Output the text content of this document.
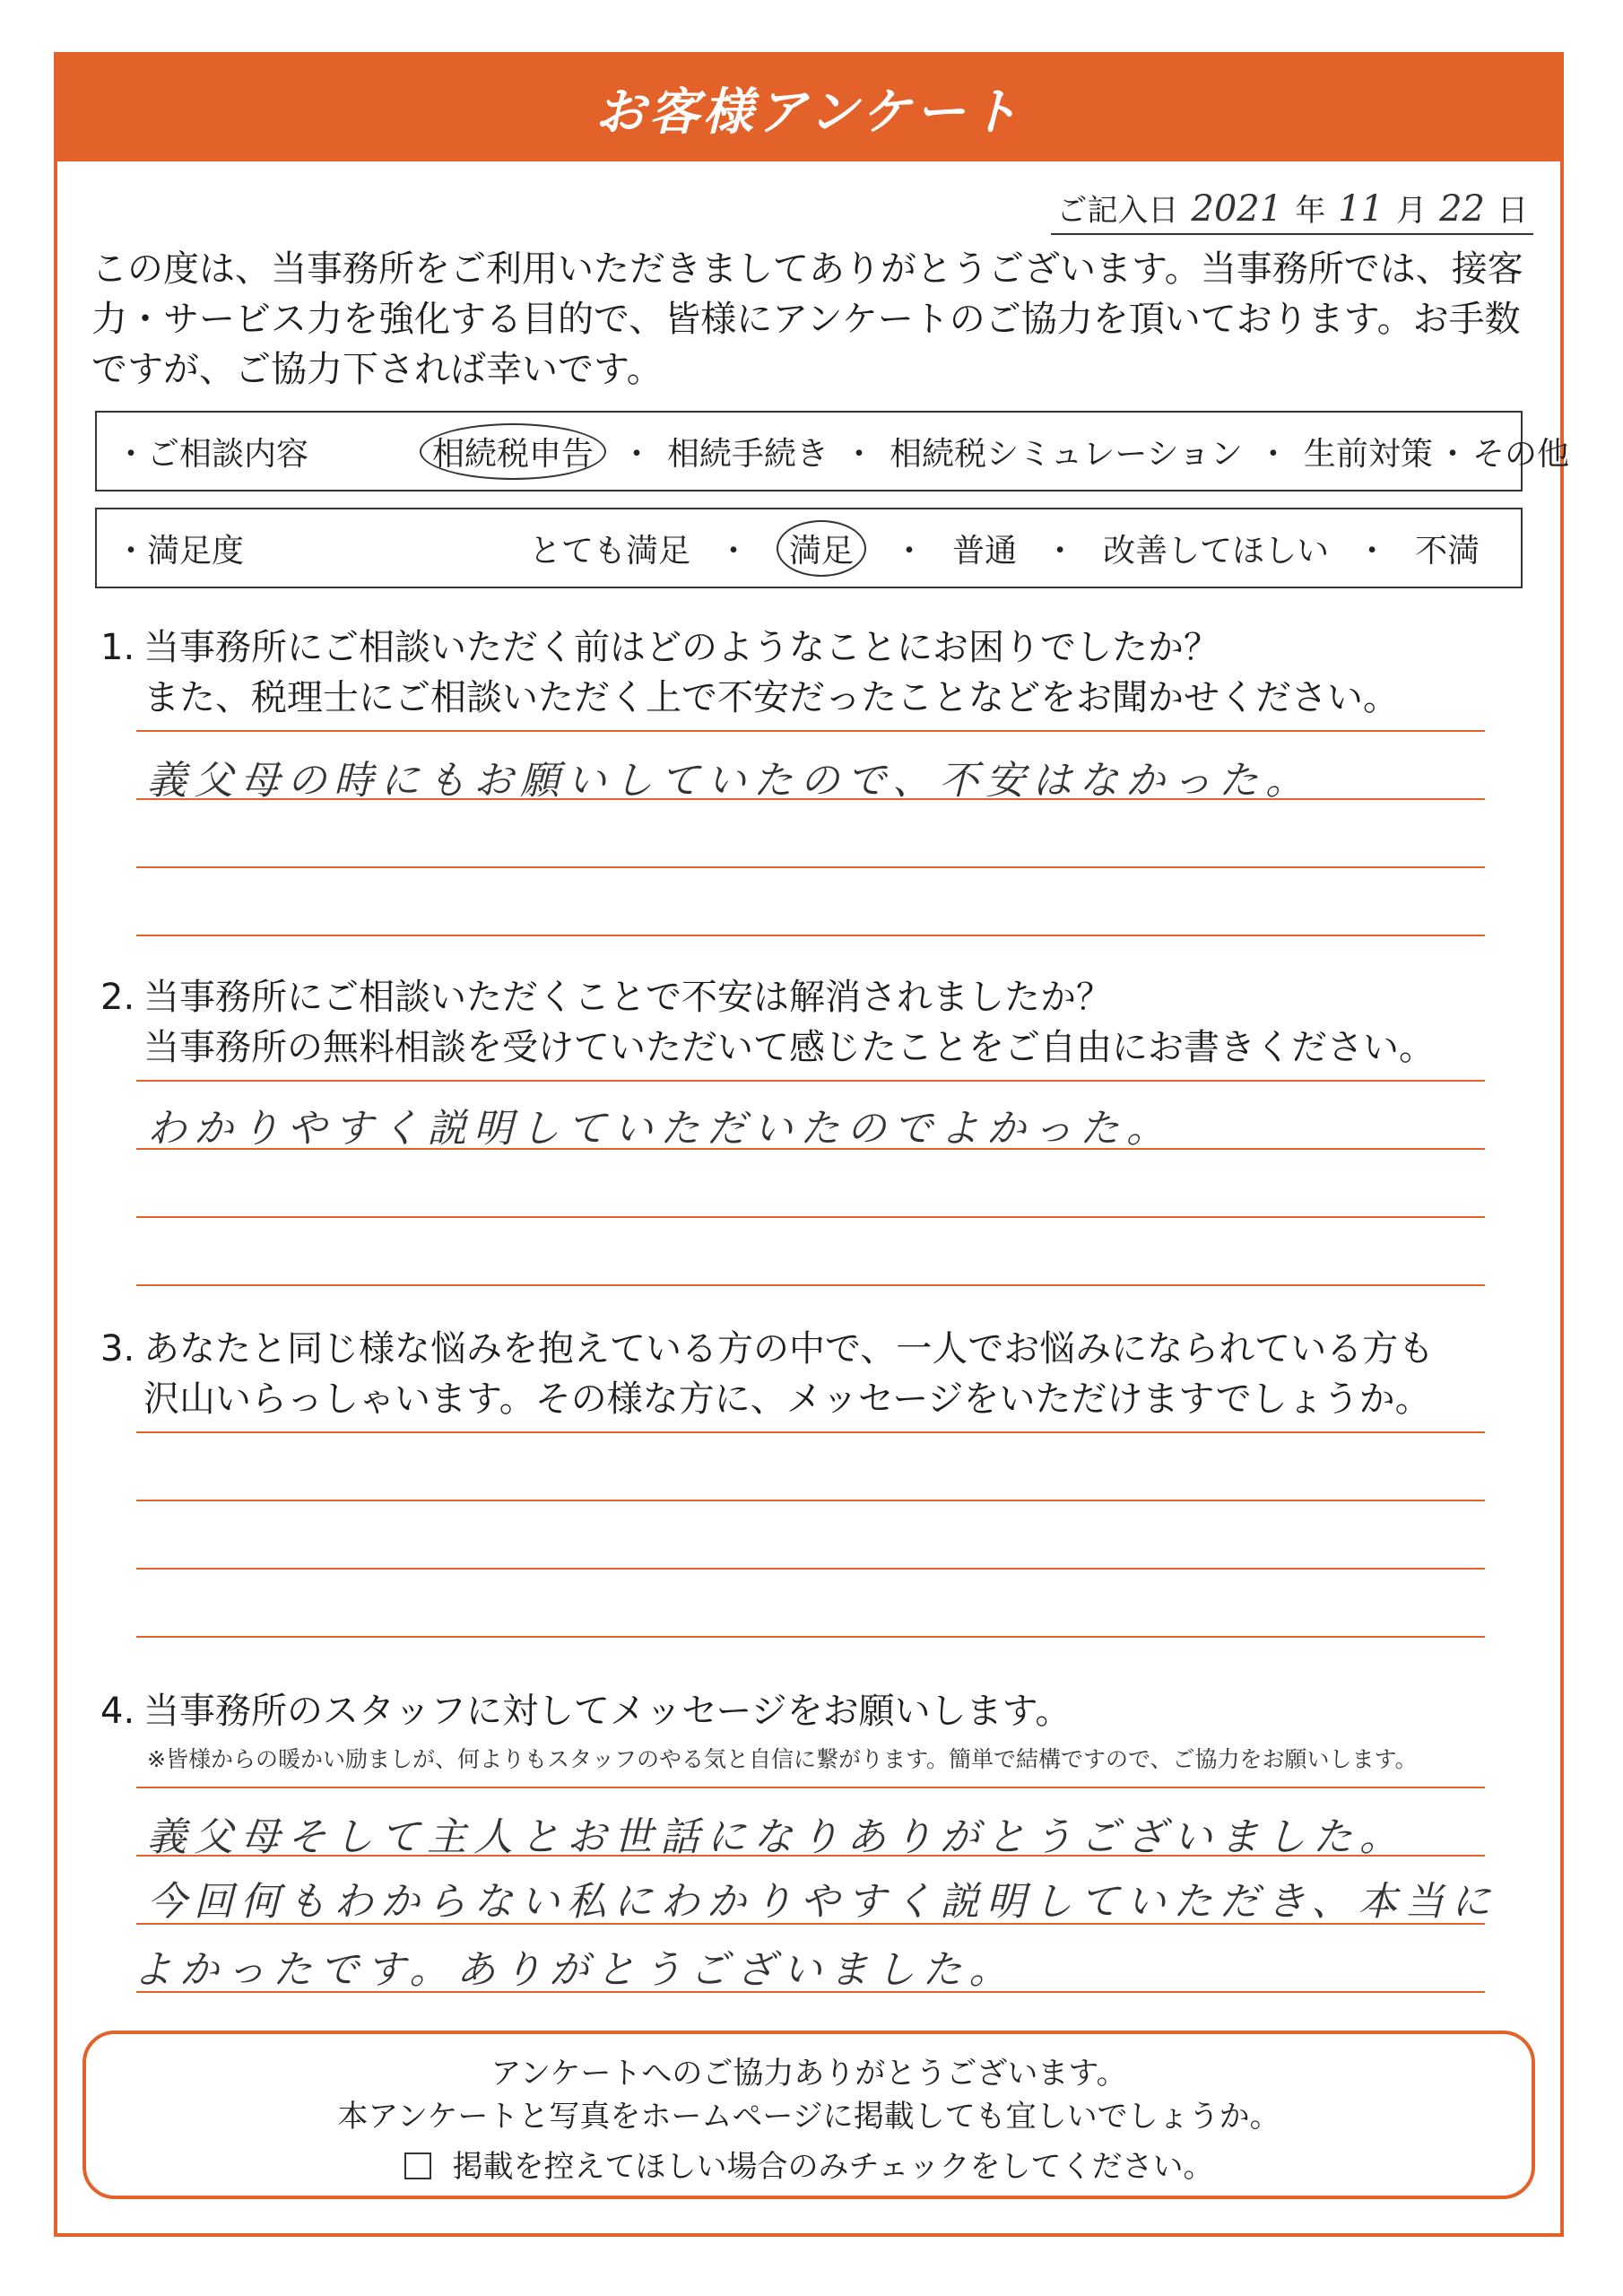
お客様アンケート
ご記入日 2021 年 11 月 22 日
この度は、当事務所をご利用いただきましてありがとうございます。当事務所では、接客力・サービス力を強化する目的で、皆様にアンケートのご協力を頂いております。お手数ですが、ご協力下されば幸いです。
・ご相談内容	相続税申告 ・ 相続手続き ・ 相続税シミュレーション ・ 生前対策 ・ その他
・満足度	とても満足 ・	満足	・ 普通 ・ 改善してほしい ・ 不満
1. 当事務所にご相談いただく前はどのようなことにお困りでしたか？
また、税理士にご相談いただく上で不安だったことなどをお聞かせください。
義父母の時にもお願いしていたので、不安はなかった。
2. 当事務所にご相談いただくことで不安は解消されましたか？
当事務所の無料相談を受けていただいて感じたことをご自由にお書きください。
わかりやすく説明していただいたのでよかった。
3. あなたと同じ様な悩みを抱えている方の中で、一人でお悩みになられている方も
沢山いらっしゃいます。その様な方に、メッセージをいただけますでしょうか。
4. 当事務所のスタッフに対してメッセージをお願いします。
※皆様からの暖かい励ましが、何よりもスタッフのやる気と自信に繋がります。簡単で結構ですので、ご協力をお願いします。
義父母そして主人とお世話になりありがとうございました。
今回何もわからない私にわかりやすく説明していただき、本当に
よかったです。ありがとうございました。
アンケートへのご協力ありがとうございます。
本アンケートと写真をホームページに掲載しても宜しいでしょうか。
掲載を控えてほしい場合のみチェックをしてください。
